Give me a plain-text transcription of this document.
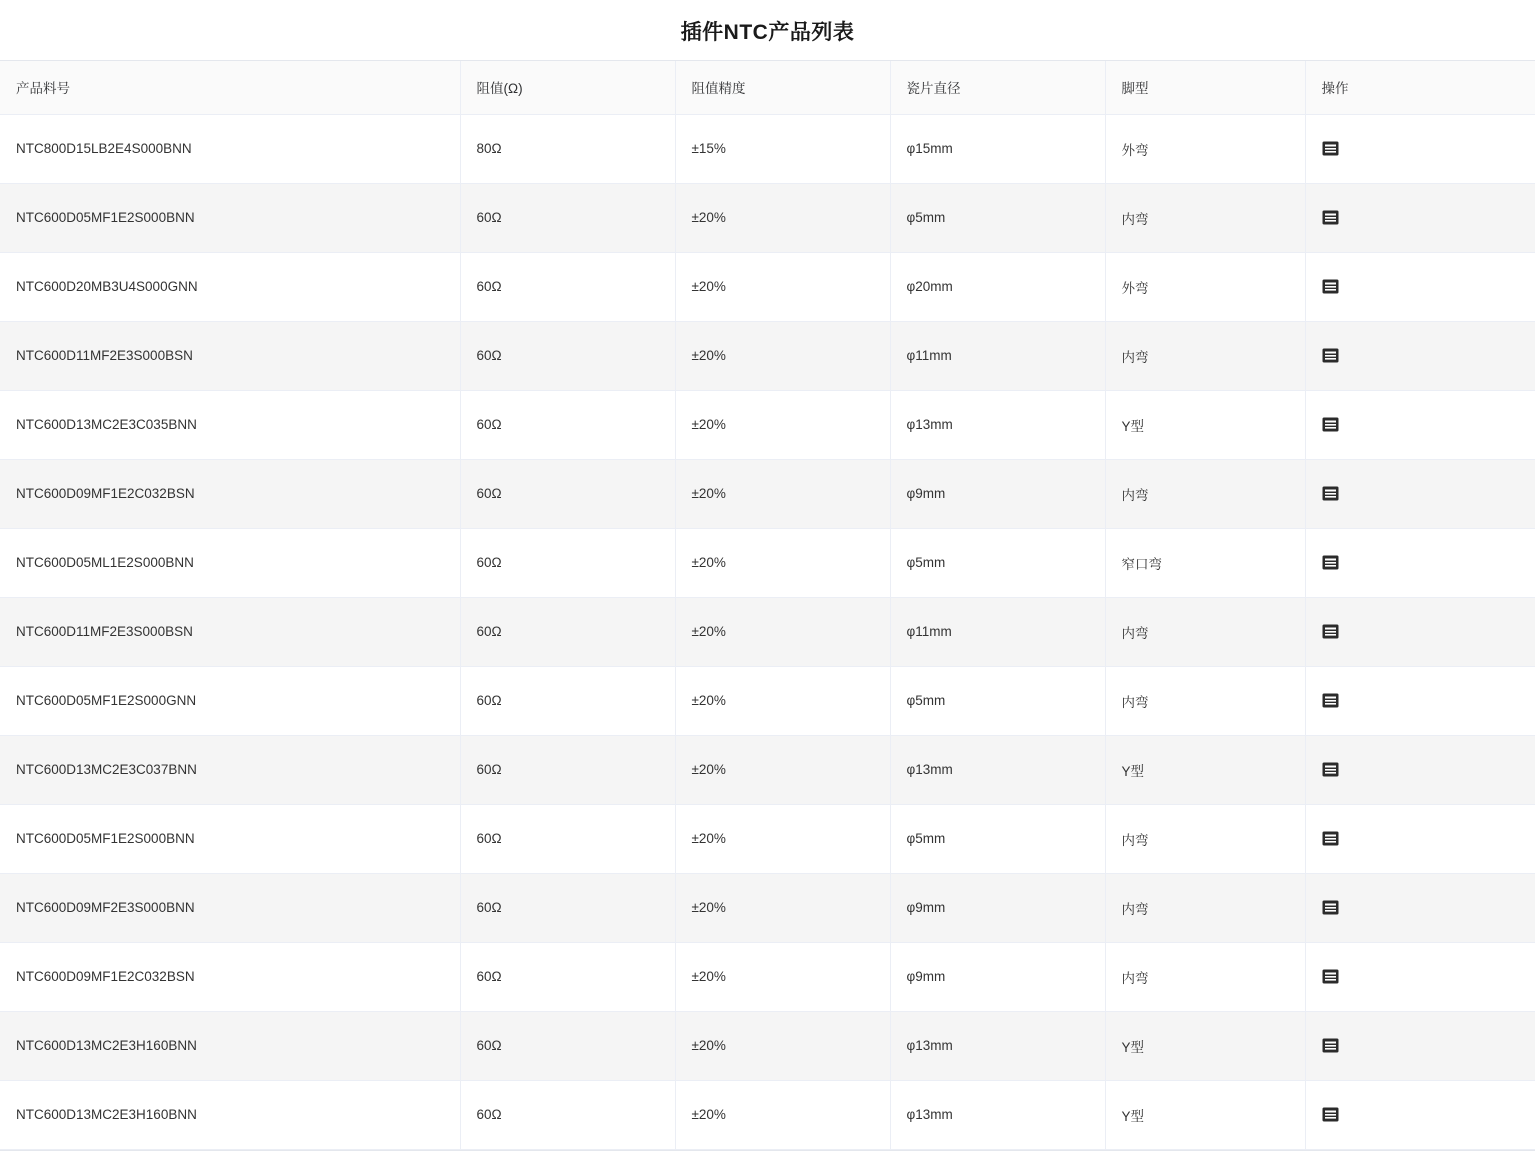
插件NTC产品列表
产品料号	阻值(Ω)	阻值精度	瓷片直径	脚型	操作
NTC800D15LB2E4S000BNN	80Ω	±15%	φ15mm	外弯	

NTC600D05MF1E2S000BNN	60Ω	±20%	φ5mm	内弯	

NTC600D20MB3U4S000GNN	60Ω	±20%	φ20mm	外弯	

NTC600D11MF2E3S000BSN	60Ω	±20%	φ11mm	内弯	

NTC600D13MC2E3C035BNN	60Ω	±20%	φ13mm	Y型	

NTC600D09MF1E2C032BSN	60Ω	±20%	φ9mm	内弯	

NTC600D05ML1E2S000BNN	60Ω	±20%	φ5mm	窄口弯	

NTC600D11MF2E3S000BSN	60Ω	±20%	φ11mm	内弯	

NTC600D05MF1E2S000GNN	60Ω	±20%	φ5mm	内弯	

NTC600D13MC2E3C037BNN	60Ω	±20%	φ13mm	Y型	

NTC600D05MF1E2S000BNN	60Ω	±20%	φ5mm	内弯	

NTC600D09MF2E3S000BNN	60Ω	±20%	φ9mm	内弯	

NTC600D09MF1E2C032BSN	60Ω	±20%	φ9mm	内弯	

NTC600D13MC2E3H160BNN	60Ω	±20%	φ13mm	Y型	

NTC600D13MC2E3H160BNN	60Ω	±20%	φ13mm	Y型	
